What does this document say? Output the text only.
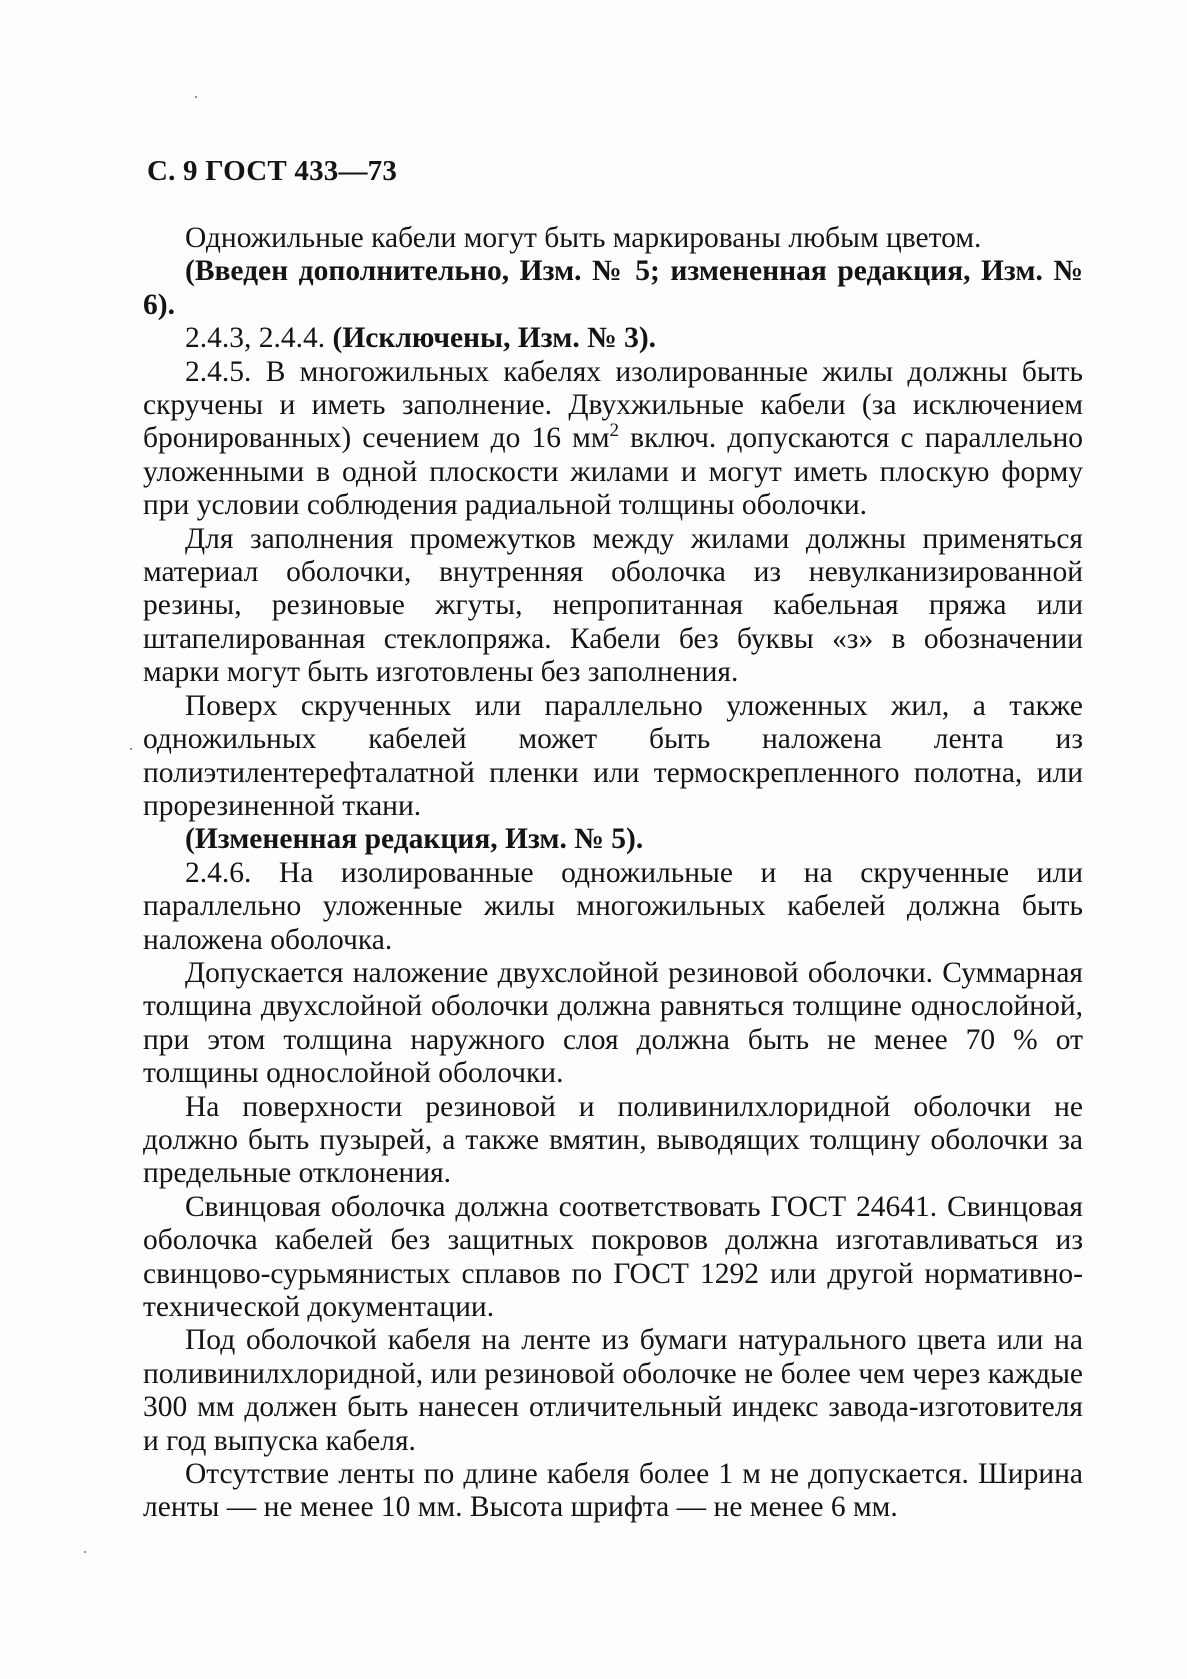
С. 9 ГОСТ 433—73

Одножильные кабели могут быть маркированы любым цветом.

(Введен дополнительно, Изм. № 5; измененная редакция, Изм. № 6).

2.4.3, 2.4.4. (Исключены, Изм. № 3).

2.4.5. В многожильных кабелях изолированные жилы должны быть скручены и иметь заполнение. Двухжильные кабели (за исключением бронированных) сечением до 16 $мм^2$ включ. допускаются с параллельно уложенными в одной плоскости жилами и могут иметь плоскую форму при условии соблюдения радиальной толщины оболочки.

Для заполнения промежутков между жилами должны применяться материал оболочки, внутренняя оболочка из невулканизированной резины, резиновые жгуты, непропитанная кабельная пряжа или штапелированная стеклопряжа. Кабели без буквы «з» в обозначении марки могут быть изготовлены без заполнения.

Поверх скрученных или параллельно уложенных жил, а также одножильных кабелей может быть наложена лента из полиэтилентерефталатной пленки или термоскрепленного полотна, или прорезиненной ткани.

(Измененная редакция, Изм. № 5).

2.4.6. На изолированные одножильные и на скрученные или параллельно уложенные жилы многожильных кабелей должна быть наложена оболочка.

Допускается наложение двухслойной резиновой оболочки. Суммарная толщина двухслойной оболочки должна равняться толщине однослойной, при этом толщина наружного слоя должна быть не менее 70 % от толщины однослойной оболочки.

На поверхности резиновой и поливинилхлоридной оболочки не должно быть пузырей, а также вмятин, выводящих толщину оболочки за предельные отклонения.

Свинцовая оболочка должна соответствовать ГОСТ 24641. Свинцовая оболочка кабелей без защитных покровов должна изготавливаться из свинцово-сурьмянистых сплавов по ГОСТ 1292 или другой нормативно-технической документации.

Под оболочкой кабеля на ленте из бумаги натурального цвета или на поливинилхлоридной, или резиновой оболочке не более чем через каждые 300 мм должен быть нанесен отличительный индекс завода-изготовителя и год выпуска кабеля.

Отсутствие ленты по длине кабеля более 1 м не допускается. Ширина ленты — не менее 10 мм. Высота шрифта — не менее 6 мм.
